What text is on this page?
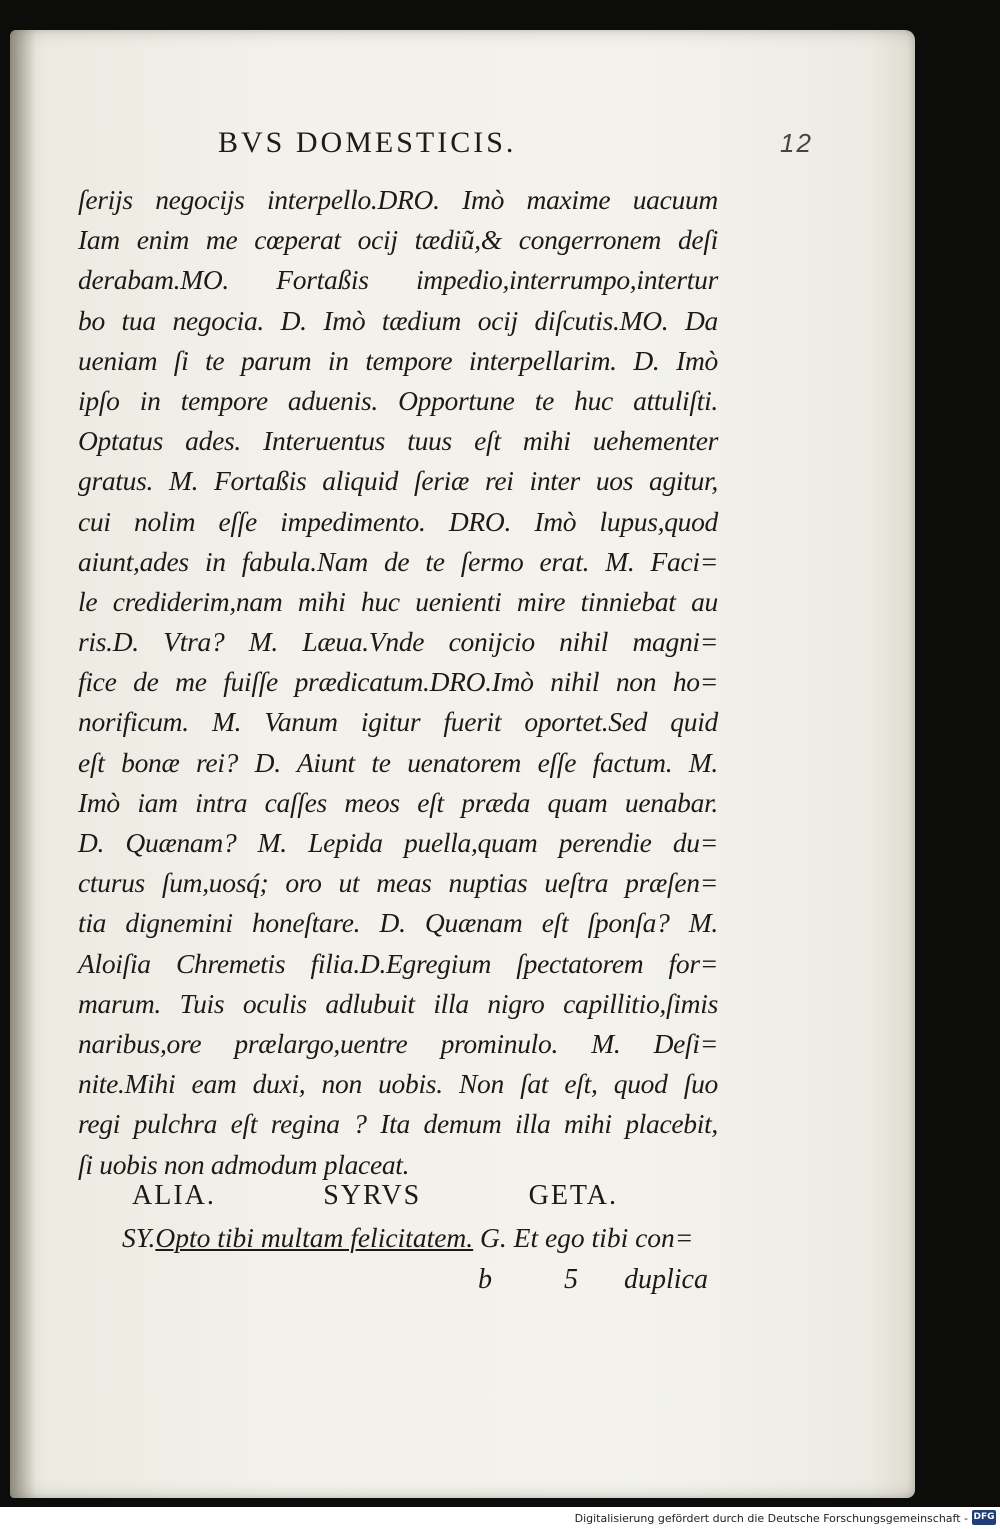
12
BVS DOMESTICIS.
ſerijs negocijs interpello.DRO. Imò maxime uacuum
Iam enim me cœperat ocij tædiũ,& congerronem deſi
derabam.MO. Fortaßis impedio,interrumpo,intertur
bo tua negocia. D. Imò tædium ocij diſcutis.MO. Da
ueniam ſi te parum in tempore interpellarim. D. Imò
ipſo in tempore aduenis. Opportune te huc attuliſti.
Optatus ades. Interuentus tuus eſt mihi uehementer
gratus. M. Fortaßis aliquid ſeriæ rei inter uos agitur,
cui nolim eſſe impedimento. DRO. Imò lupus,quod
aiunt,ades in fabula.Nam de te ſermo erat. M. Faci=
le crediderim,nam mihi huc uenienti mire tinniebat au
ris.D. Vtra? M. Læua.Vnde conijcio nihil magni=
fice de me fuiſſe prædicatum.DRO.Imò nihil non ho=
norificum. M. Vanum igitur fuerit oportet.Sed quid
eſt bonæ rei? D. Aiunt te uenatorem eſſe factum. M.
Imò iam intra caſſes meos eſt præda quam uenabar.
D. Quænam? M. Lepida puella,quam perendie du=
cturus ſum,uosq́; oro ut meas nuptias ueſtra præſen=
tia dignemini honeſtare. D. Quænam eſt ſponſa? M.
Aloiſia Chremetis filia.D.Egregium ſpectatorem for=
marum. Tuis oculis adlubuit illa nigro capillitio,ſimis
naribus,ore prælargo,uentre prominulo. M. Deſi=
nite.Mihi eam duxi, non uobis. Non ſat eſt, quod ſuo
regi pulchra eſt regina ? Ita demum illa mihi placebit,
ſi uobis non admodum placeat.
ALIA.	SYRVS	GETA.
SY.Opto tibi multam felicitatem. G. Et ego tibi con=
b	5 duplica
Digitalisierung gefördert durch die Deutsche Forschungsgemeinschaft - DFG
